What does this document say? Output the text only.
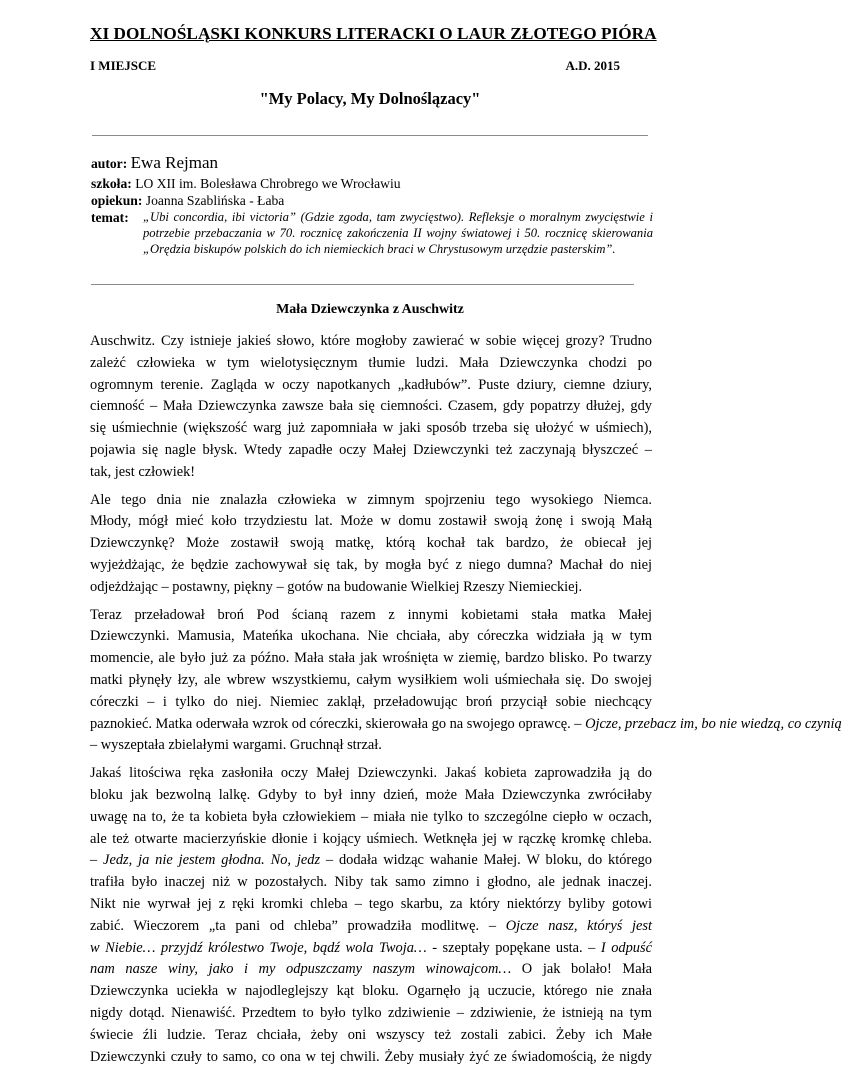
XI DOLNOŚLĄSKI KONKURS LITERACKI O LAUR ZŁOTEGO PIÓRA
I MIEJSCE	A.D. 2015
"My Polacy, My Dolnoślązacy"
autor: Ewa Rejman
szkoła: LO XII im. Bolesława Chrobrego we Wrocławiu
opiekun: Joanna Szablińska - Łaba
temat: „Ubi concordia, ibi victoria” (Gdzie zgoda, tam zwycięstwo). Refleksje o moralnym zwycięstwie i potrzebie przebaczania w 70. rocznicę zakończenia II wojny światowej i 50. rocznicę skierowania „Orędzia biskupów polskich do ich niemieckich braci w Chrystusowym urzędzie pasterskim”.
Mała Dziewczynka z Auschwitz

Auschwitz. Czy istnieje jakieś słowo, które mogłoby zawierać w sobie więcej grozy? Trudno
zależć człowieka w tym wielotysięcznym tłumie ludzi. Mała Dziewczynka chodzi po
ogromnym terenie. Zagląda w oczy napotkanych „kadłubów”. Puste dziury, ciemne dziury,
ciemność – Mała Dziewczynka zawsze bała się ciemności. Czasem, gdy popatrzy dłużej, gdy
się uśmiechnie (większość warg już zapomniała w jaki sposób trzeba się ułożyć w uśmiech),
pojawia się nagle błysk. Wtedy zapadłe oczy Małej Dziewczynki też zaczynają błyszczeć –
tak, jest człowiek!

Ale tego dnia nie znalazła człowieka w zimnym spojrzeniu tego wysokiego Niemca.
Młody, mógł mieć koło trzydziestu lat. Może w domu zostawił swoją żonę i swoją Małą
Dziewczynkę? Może zostawił swoją matkę, którą kochał tak bardzo, że obiecał jej
wyjeżdżając, że będzie zachowywał się tak, by mogła być z niego dumna? Machał do niej
odjeżdżając – postawny, piękny – gotów na budowanie Wielkiej Rzeszy Niemieckiej.

Teraz przeładował broń Pod ścianą razem z innymi kobietami stała matka Małej
Dziewczynki. Mamusia, Mateńka ukochana. Nie chciała, aby córeczka widziała ją w tym
momencie, ale było już za późno. Mała stała jak wrośnięta w ziemię, bardzo blisko. Po twarzy
matki płynęły łzy, ale wbrew wszystkiemu, całym wysiłkiem woli uśmiechała się. Do swojej
córeczki – i tylko do niej. Niemiec zaklął, przeładowując broń przyciął sobie niechcący
paznokieć. Matka oderwała wzrok od córeczki, skierowała go na swojego oprawcę. – Ojcze, przebacz im, bo nie wiedzą, co czynią
– wyszeptała zbielałymi wargami. Gruchnął strzał.

Jakaś litościwa ręka zasłoniła oczy Małej Dziewczynki. Jakaś kobieta zaprowadziła ją do
bloku jak bezwolną lalkę. Gdyby to był inny dzień, może Mała Dziewczynka zwróciłaby
uwagę na to, że ta kobieta była człowiekiem – miała nie tylko to szczególne ciepło w oczach,
ale też otwarte macierzyńskie dłonie i kojący uśmiech. Wetknęła jej w rączkę kromkę chleba.
– Jedz, ja nie jestem głodna. No, jedz – dodała widząc wahanie Małej. W bloku, do którego
trafiła było inaczej niż w pozostałych. Niby tak samo zimno i głodno, ale jednak inaczej.
Nikt nie wyrwał jej z ręki kromki chleba – tego skarbu, za który niektórzy byliby gotowi
zabić. Wieczorem „ta pani od chleba” prowadziła modlitwę. – Ojcze nasz, któryś jest
w Niebie… przyjdź królestwo Twoje, bądź wola Twoja… - szeptały popękane usta. – I odpuść
nam nasze winy, jako i my odpuszczamy naszym winowajcom… O jak bolało! Mała
Dziewczynka uciekła w najodleglejszy kąt bloku. Ogarnęło ją uczucie, którego nie znała
nigdy dotąd. Nienawiść. Przedtem to było tylko zdziwienie – zdziwienie, że istnieją na tym
świecie źli ludzie. Teraz chciała, żeby oni wszyscy też zostali zabici. Żeby ich Małe
Dziewczynki czuły to samo, co ona w tej chwili. Żeby musiały żyć ze świadomością, że nigdy
